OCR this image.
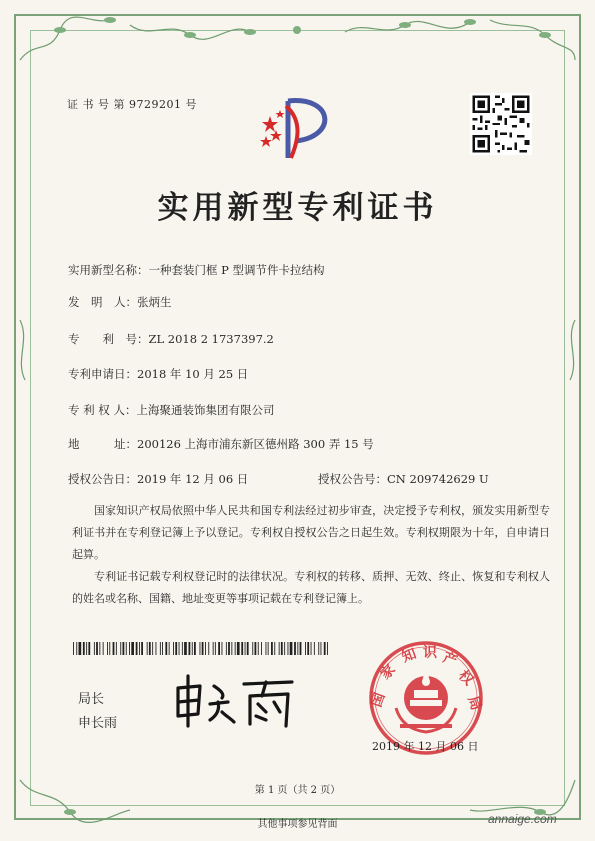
证 书 号 第 9729201 号
实用新型专利证书
实用新型名称：一种套装门框 P 型调节件卡拉结构
发　明　人：张炳生
专　　利　号：ZL 2018 2 1737397.2
专利申请日：2018 年 10 月 25 日
专 利 权 人：上海聚通装饰集团有限公司
地　　　址：200126 上海市浦东新区德州路 300 弄 15 号
授权公告日：2019 年 12 月 06 日	授权公告号：CN 209742629 U
国家知识产权局依照中华人民共和国专利法经过初步审查，决定授予专利权，颁发实用新型专利证书并在专利登记簿上予以登记。专利权自授权公告之日起生效。专利权期限为十年，自申请日起算。
专利证书记载专利权登记时的法律状况。专利权的转移、质押、无效、终止、恢复和专利权人的姓名或名称、国籍、地址变更等事项记载在专利登记簿上。
局长
申长雨
国
家
知 识 产
权
局
2019 年 12 月 06 日
第 1 页（共 2 页）
其他事项参见背面	annaige.com
